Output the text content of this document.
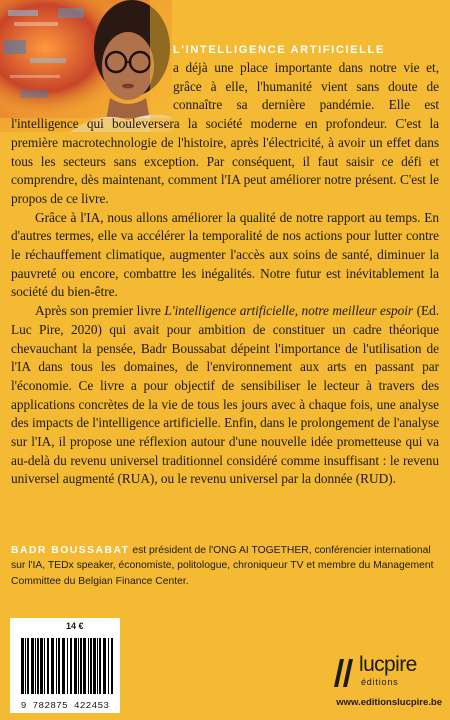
L'INTELLIGENCE ARTIFICIELLE
a déjà une place importante dans notre vie et, grâce à elle, l'humanité vient sans doute de connaître sa dernière pandémie. Elle est l'intelligence qui bouleversera la société moderne en profondeur. C'est la première macrotechnologie de l'histoire, après l'électricité, à avoir un effet dans tous les secteurs sans exception. Par conséquent, il faut saisir ce défi et comprendre, dès maintenant, comment l'IA peut améliorer notre présent. C'est le propos de ce livre.

Grâce à l'IA, nous allons améliorer la qualité de notre rapport au temps. En d'autres termes, elle va accélérer la temporalité de nos actions pour lutter contre le réchauffement climatique, augmenter l'accès aux soins de santé, diminuer la pauvreté ou encore, combattre les inégalités. Notre futur est inévitablement la société du bien-être.

Après son premier livre L'intelligence artificielle, notre meilleur espoir (Ed. Luc Pire, 2020) qui avait pour ambition de constituer un cadre théorique chevauchant la pensée, Badr Boussabat dépeint l'importance de l'utilisation de l'IA dans tous les domaines, de l'environnement aux arts en passant par l'économie. Ce livre a pour objectif de sensibiliser le lecteur à travers des applications concrètes de la vie de tous les jours avec à chaque fois, une analyse des impacts de l'intelligence artificielle. Enfin, dans le prolongement de l'analyse sur l'IA, il propose une réflexion autour d'une nouvelle idée prometteuse qui va au-delà du revenu universel traditionnel considéré comme insuffisant : le revenu universel augmenté (RUA), ou le revenu universel par la donnée (RUD).

BADR BOUSSABAT est président de l'ONG AI TOGETHER, conférencier international sur l'IA, TEDx speaker, économiste, politologue, chroniqueur TV et membre du Management Committee du Belgian Finance Center.
14 €
9 782875 422453
lucpire
éditions
www.editionslucpire.be
